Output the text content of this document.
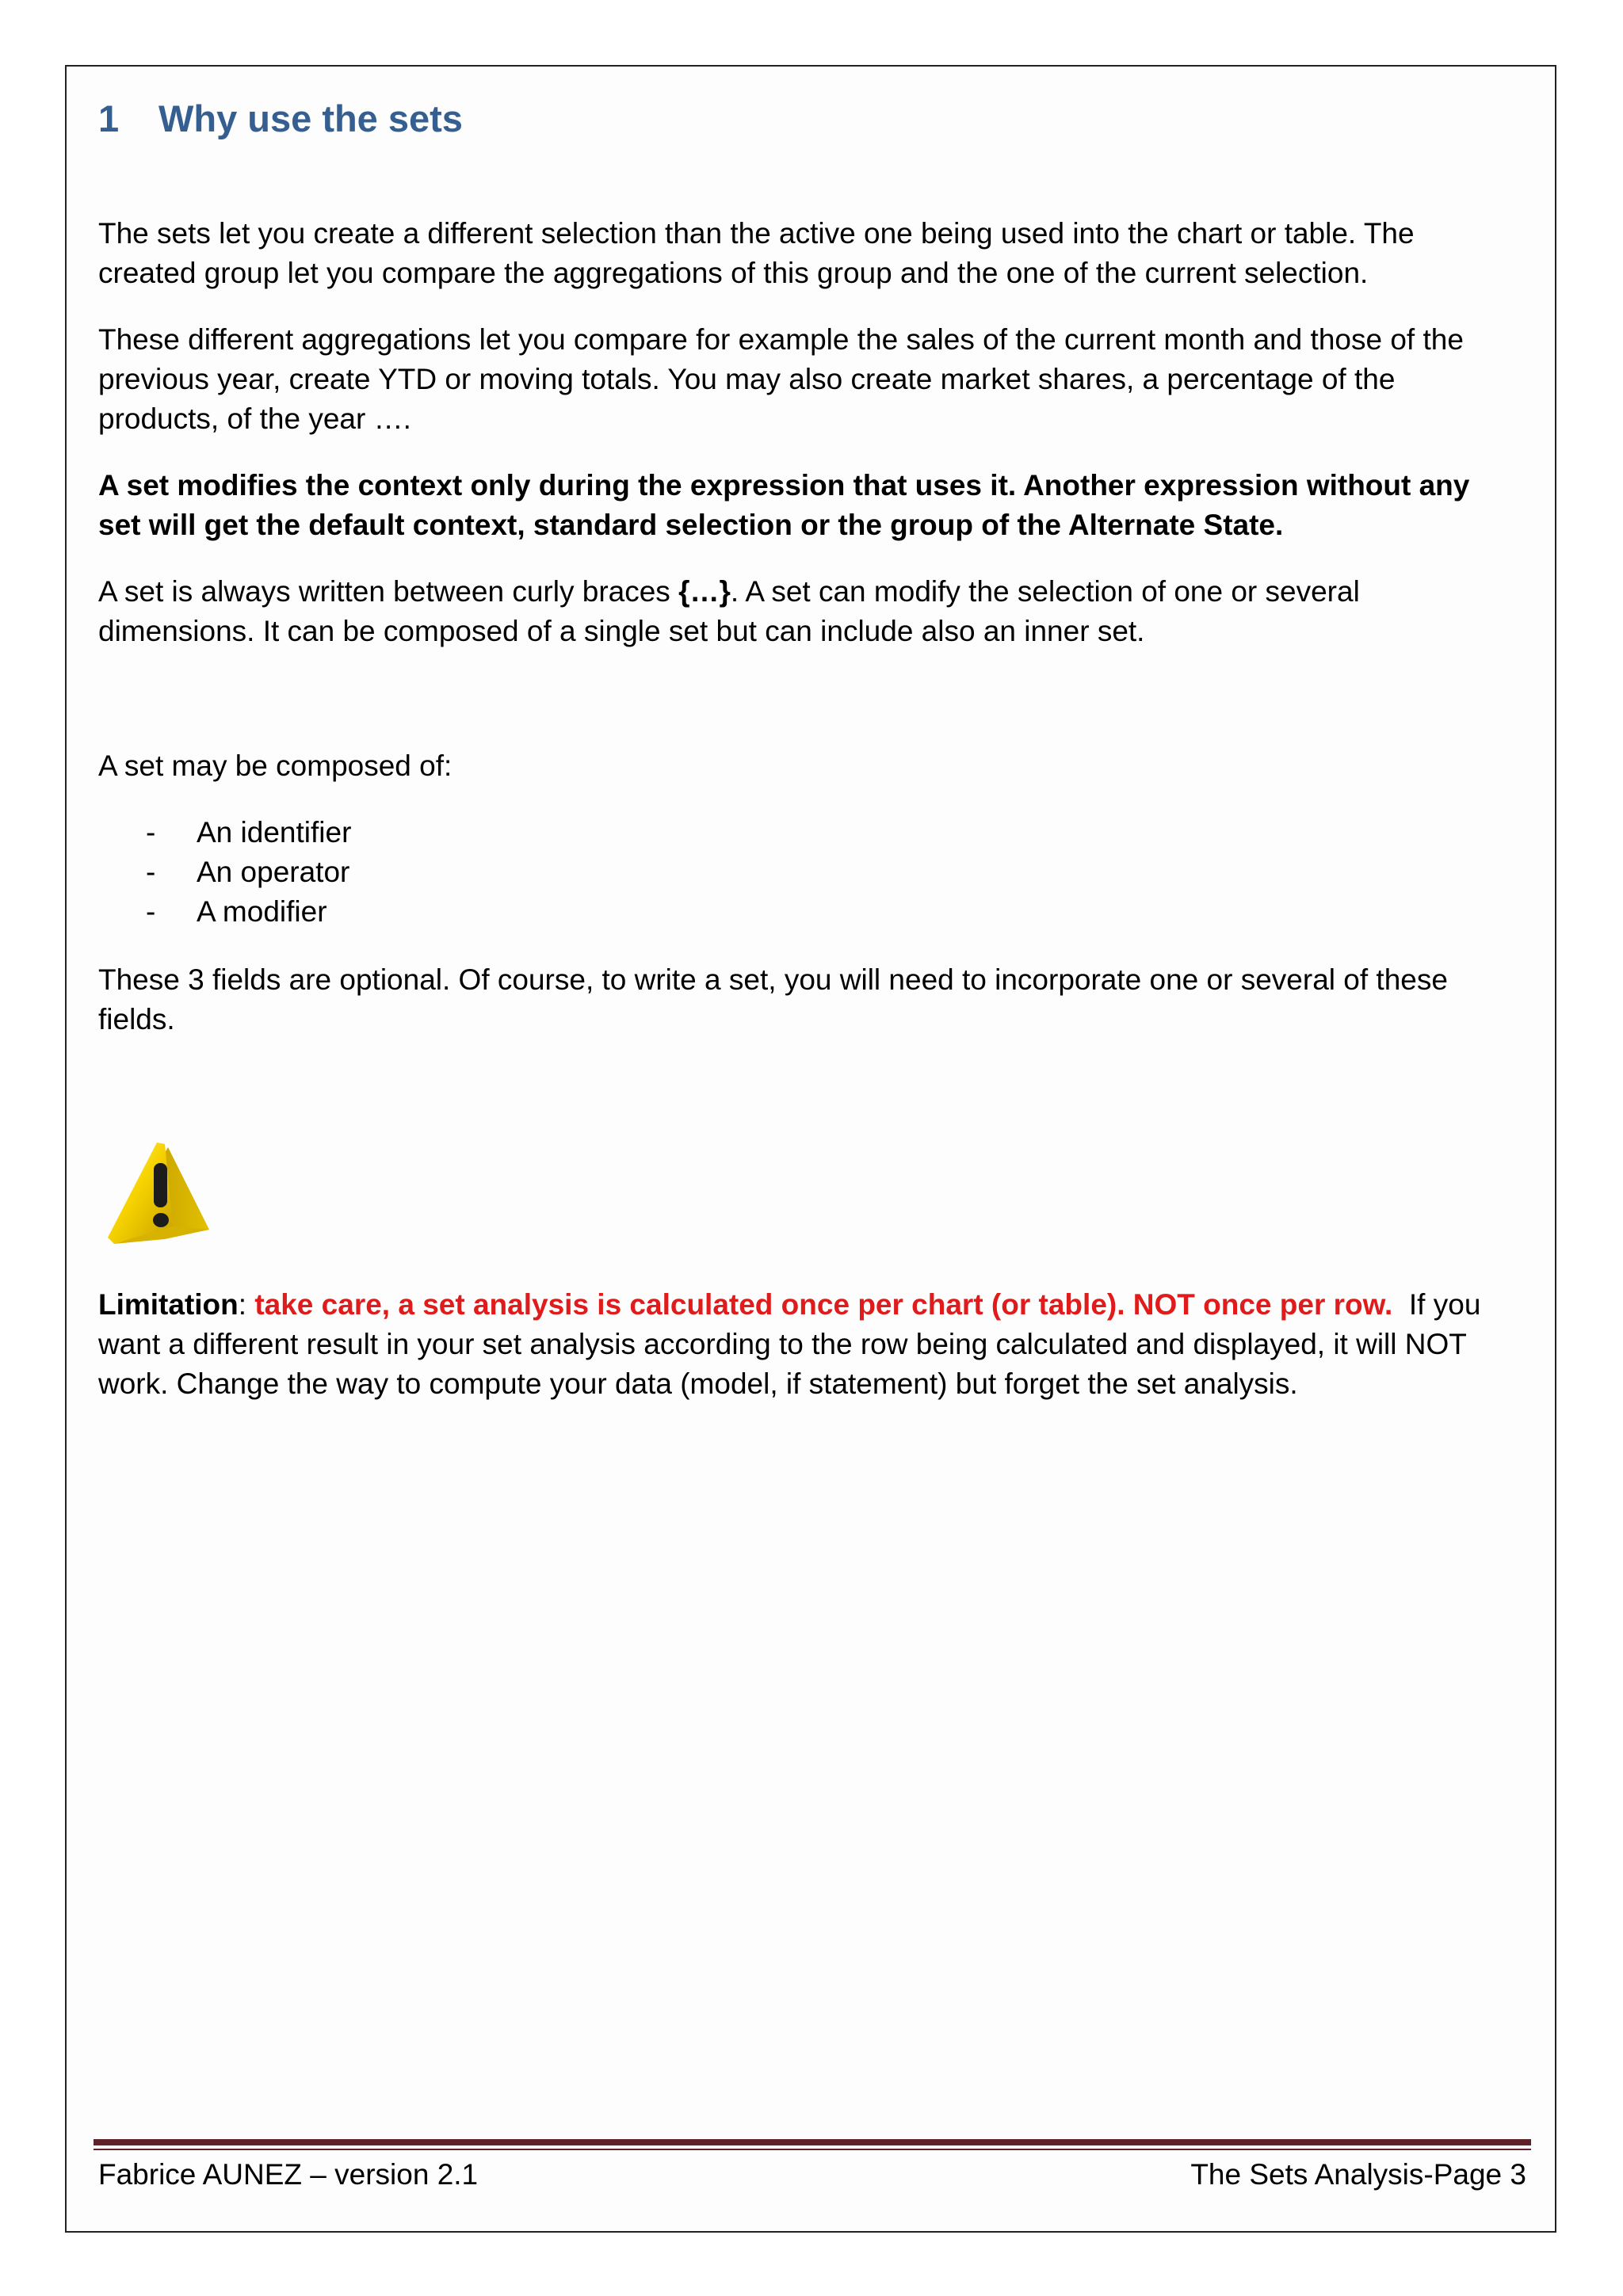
1 Why use the sets

The sets let you create a different selection than the active one being used into the chart or table. The
created group let you compare the aggregations of this group and the one of the current selection.

These different aggregations let you compare for example the sales of the current month and those of the
previous year, create YTD or moving totals. You may also create market shares, a percentage of the
products, of the year ….

A set modifies the context only during the expression that uses it. Another expression without any
set will get the default context, standard selection or the group of the Alternate State.

A set is always written between curly braces {…}. A set can modify the selection of one or several
dimensions. It can be composed of a single set but can include also an inner set.

A set may be composed of:

- An identifier
- An operator
- A modifier

These 3 fields are optional. Of course, to write a set, you will need to incorporate one or several of these
fields.

Limitation: take care, a set analysis is calculated once per chart (or table). NOT once per row.  If you
want a different result in your set analysis according to the row being calculated and displayed, it will NOT
work. Change the way to compute your data (model, if statement) but forget the set analysis.

Fabrice AUNEZ – version 2.1	The Sets Analysis-Page 3
